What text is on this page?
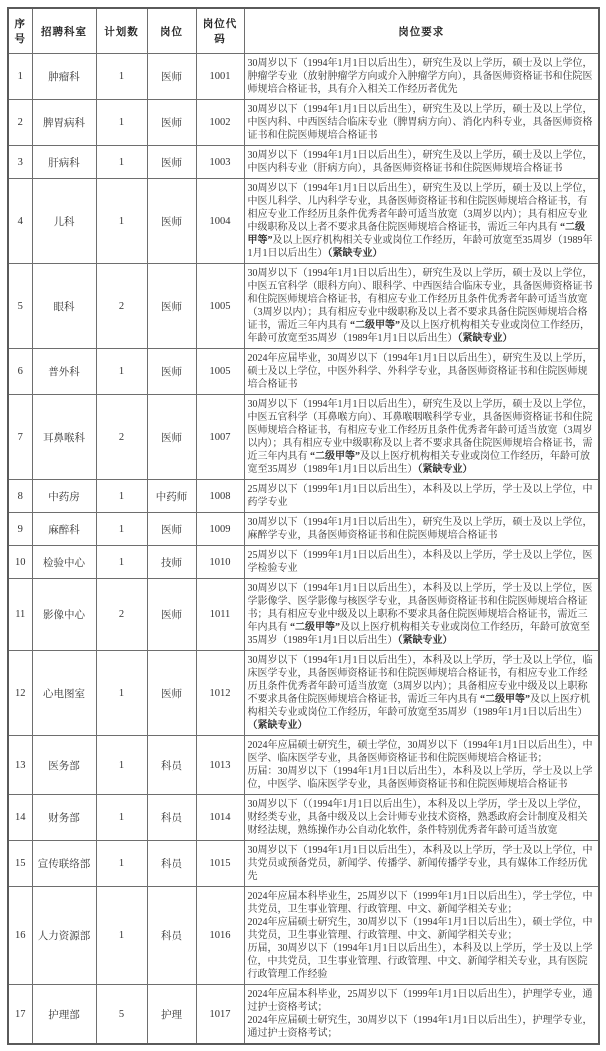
序号	招聘科室	计划数	岗位	岗位代码	岗位要求
1	肿瘤科	1	医师	1001	30周岁以下（1994年1月1日以后出生），研究生及以上学历，硕士及以上学位，肿瘤学专业（放射肿瘤学方向或介入肿瘤学方向），具备医师资格证书和住院医师规培合格证书，具有介入相关工作经历者优先

2	脾胃病科	1	医师	1002	30周岁以下（1994年1月1日以后出生），研究生及以上学历，硕士及以上学位，中医内科、中西医结合临床专业（脾胃病方向）、消化内科专业，具备医师资格证书和住院医师规培合格证书

3	肝病科	1	医师	1003	30周岁以下（1994年1月1日以后出生），研究生及以上学历，硕士及以上学位，中医内科专业（肝病方向），具备医师资格证书和住院医师规培合格证书

4	儿科	1	医师	1004	30周岁以下（1994年1月1日以后出生），研究生及以上学历，硕士及以上学位，中医儿科学、儿内科学专业，具备医师资格证书和住院医师规培合格证书，有相应专业工作经历且条件优秀者年龄可适当放宽（3周岁以内）；具有相应专业中级职称及以上者不要求具备住院医师规培合格证书，需近三年内具有 “二级甲等”及以上医疗机构相关专业或岗位工作经历，年龄可放宽至35周岁（1989年1月1日以后出生）（紧缺专业）

5	眼科	2	医师	1005	30周岁以下（1994年1月1日以后出生），研究生及以上学历，硕士及以上学位，中医五官科学（眼科方向）、眼科学、中西医结合临床专业，具备医师资格证书和住院医师规培合格证书，有相应专业工作经历且条件优秀者年龄可适当放宽（3周岁以内）；具有相应专业中级职称及以上者不要求具备住院医师规培合格证书，需近三年内具有 “二级甲等”及以上医疗机构相关专业或岗位工作经历，年龄可放宽至35周岁（1989年1月1日以后出生）（紧缺专业）

6	普外科	1	医师	1005	2024年应届毕业，30周岁以下（1994年1月1日以后出生），研究生及以上学历，硕士及以上学位，中医外科学、外科学专业，具备医师资格证书和住院医师规培合格证书

7	耳鼻喉科	2	医师	1007	30周岁以下（1994年1月1日以后出生），研究生及以上学历，硕士及以上学位，中医五官科学（耳鼻喉方向）、耳鼻喉咽喉科学专业，具备医师资格证书和住院医师规培合格证书，有相应专业工作经历且条件优秀者年龄可适当放宽（3周岁以内）；具有相应专业中级职称及以上者不要求具备住院医师规培合格证书，需近三年内具有 “二级甲等”及以上医疗机构相关专业或岗位工作经历，年龄可放宽至35周岁（1989年1月1日以后出生）（紧缺专业）

8	中药房	1	中药师	1008	25周岁以下（1999年1月1日以后出生），本科及以上学历，学士及以上学位，中药学专业

9	麻醉科	1	医师	1009	30周岁以下（1994年1月1日以后出生），研究生及以上学历，硕士及以上学位，麻醉学专业，具备医师资格证书和住院医师规培合格证书

10	检验中心	1	技师	1010	25周岁以下（1999年1月1日以后出生），本科及以上学历，学士及以上学位，医学检验专业

11	影像中心	2	医师	1011	30周岁以下（1994年1月1日以后出生），本科及以上学历，学士及以上学位，医学影像学、医学影像与核医学专业，具备医师资格证书和住院医师规培合格证书；具有相应专业中级及以上职称不要求具备住院医师规培合格证书，需近三年内具有 “二级甲等”及以上医疗机构相关专业或岗位工作经历，年龄可放宽至35周岁（1989年1月1日以后出生）（紧缺专业）

12	心电图室	1	医师	1012	30周岁以下（1994年1月1日以后出生），本科及以上学历，学士及以上学位，临床医学专业，具备医师资格证书和住院医师规培合格证书，有相应专业工作经历且条件优秀者年龄可适当放宽（3周岁以内）；具备相应专业中级及以上职称不要求具备住院医师规培合格证书，需近三年内具有 “二级甲等”及以上医疗机构相关专业或岗位工作经历，年龄可放宽至35周岁（1989年1月1日以后出生）（紧缺专业）

13	医务部	1	科员	1013	2024年应届硕士研究生，硕士学位，30周岁以下（1994年1月1日以后出生），中医学、临床医学专业，具备医师资格证书和住院医师规培合格证书；
历届：30周岁以下（1994年1月1日以后出生），本科及以上学历，学士及以上学位，中医学、临床医学专业，具备医师资格证书和住院医师规培合格证书

14	财务部	1	科员	1014	30周岁以下（（1994年1月1日以后出生），本科及以上学历，学士及以上学位，财经类专业，具备中级及以上会计师专业技术资格，熟悉政府会计制度及相关财经法规，熟练操作办公自动化软件，条件特别优秀者年龄可适当放宽

15	宣传联络部	1	科员	1015	30周岁以下（1994年1月1日以后出生），本科及以上学历，学士及以上学位，中共党员或预备党员，新闻学、传播学、新闻传播学专业，具有媒体工作经历优先

16	人力资源部	1	科员	1016	2024年应届本科毕业生，25周岁以下（1999年1月1日以后出生），学士学位，中共党员，卫生事业管理、行政管理、中文、新闻学相关专业；
2024年应届硕士研究生，30周岁以下（1994年1月1日以后出生），硕士学位，中共党员，卫生事业管理、行政管理、中文、新闻学相关专业；
历届，30周岁以下（1994年1月1日以后出生），本科及以上学历，学士及以上学位，中共党员，卫生事业管理、行政管理、中文、新闻学相关专业，具有医院行政管理工作经验

17	护理部	5	护理	1017	2024年应届本科毕业，25周岁以下（1999年1月1日以后出生），护理学专业，通过护士资格考试；
2024年应届硕士研究生，30周岁以下（1994年1月1日以后出生），护理学专业，通过护士资格考试；
